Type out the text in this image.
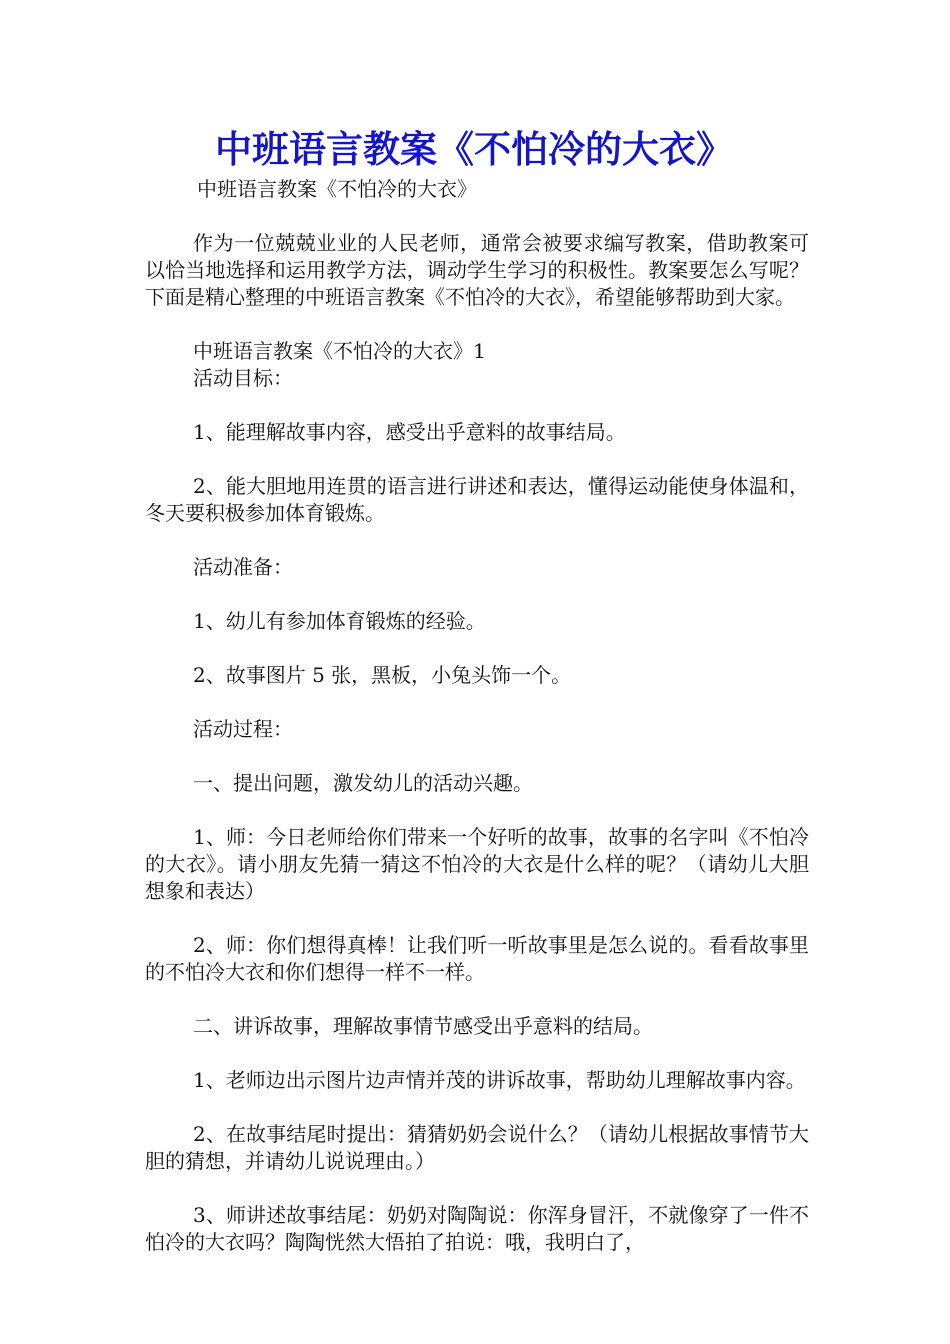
中班语言教案《不怕冷的大衣》
中班语言教案《不怕冷的大衣》

作为一位兢兢业业的人民老师，通常会被要求编写教案，借助教案可以恰当地选择和运用教学方法，调动学生学习的积极性。教案要怎么写呢？下面是精心整理的中班语言教案《不怕冷的大衣》，希望能够帮助到大家。

中班语言教案《不怕冷的大衣》1

活动目标：

1、能理解故事内容，感受出乎意料的故事结局。

2、能大胆地用连贯的语言进行讲述和表达，懂得运动能使身体温和，冬天要积极参加体育锻炼。

活动准备：

1、幼儿有参加体育锻炼的经验。

2、故事图片 5 张，黑板，小兔头饰一个。

活动过程：

一、提出问题，激发幼儿的活动兴趣。

1、师：今日老师给你们带来一个好听的故事，故事的名字叫《不怕冷的大衣》。请小朋友先猜一猜这不怕冷的大衣是什么样的呢？（请幼儿大胆想象和表达）

2、师：你们想得真棒！让我们听一听故事里是怎么说的。看看故事里的不怕冷大衣和你们想得一样不一样。

二、讲诉故事，理解故事情节感受出乎意料的结局。

1、老师边出示图片边声情并茂的讲诉故事，帮助幼儿理解故事内容。

2、在故事结尾时提出：猜猜奶奶会说什么？（请幼儿根据故事情节大胆的猜想，并请幼儿说说理由。）

3、师讲述故事结尾：奶奶对陶陶说：你浑身冒汗，不就像穿了一件不怕冷的大衣吗？陶陶恍然大悟拍了拍说：哦，我明白了，
